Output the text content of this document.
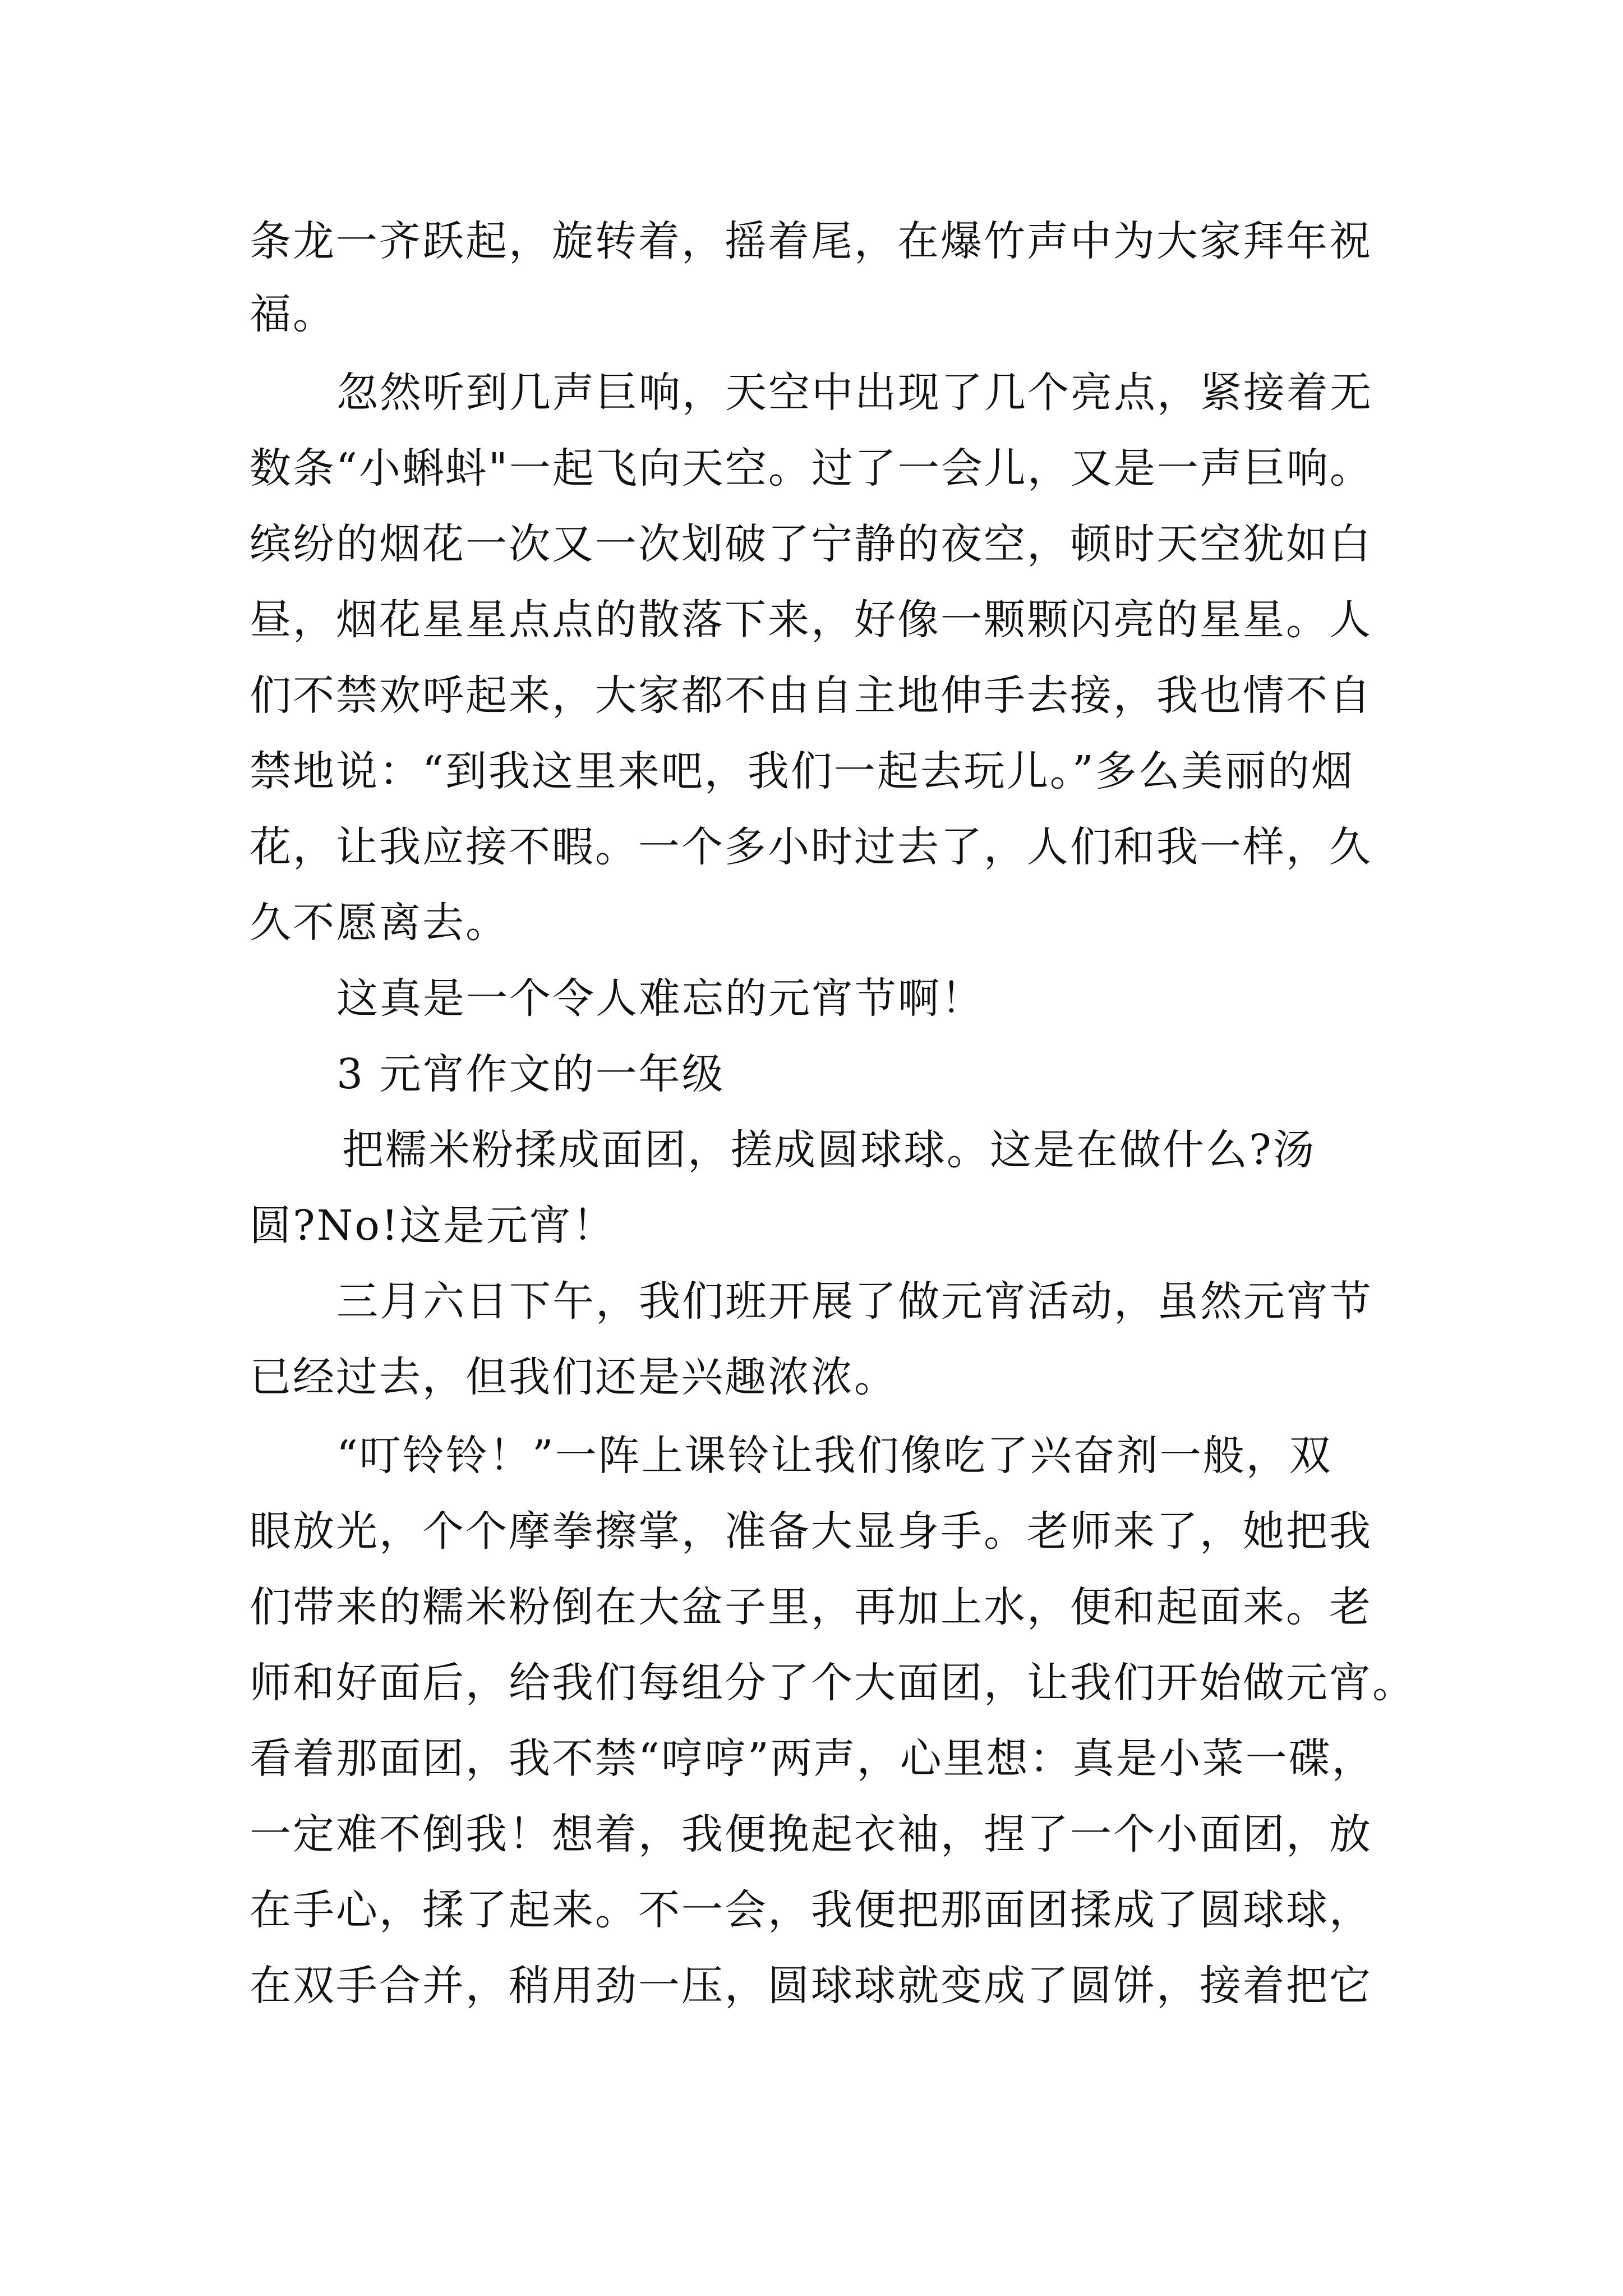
条龙一齐跃起，旋转着，摇着尾，在爆竹声中为大家拜年祝
福。
忽然听到几声巨响，天空中出现了几个亮点，紧接着无
数条“小蝌蚪"一起飞向天空。过了一会儿，又是一声巨响。
缤纷的烟花一次又一次划破了宁静的夜空，顿时天空犹如白
昼，烟花星星点点的散落下来，好像一颗颗闪亮的星星。人
们不禁欢呼起来，大家都不由自主地伸手去接，我也情不自
禁地说：“到我这里来吧，我们一起去玩儿。”多么美丽的烟
花，让我应接不暇。一个多小时过去了，人们和我一样，久
久不愿离去。
这真是一个令人难忘的元宵节啊！
3 元宵作文的一年级
把糯米粉揉成面团，搓成圆球球。这是在做什么?汤
圆?No!这是元宵！
三月六日下午，我们班开展了做元宵活动，虽然元宵节
已经过去，但我们还是兴趣浓浓。
“叮铃铃！”一阵上课铃让我们像吃了兴奋剂一般，双
眼放光，个个摩拳擦掌，准备大显身手。老师来了，她把我
们带来的糯米粉倒在大盆子里，再加上水，便和起面来。老
师和好面后，给我们每组分了个大面团，让我们开始做元宵。
看着那面团，我不禁“哼哼”两声，心里想：真是小菜一碟，
一定难不倒我！想着，我便挽起衣袖，捏了一个小面团，放
在手心，揉了起来。不一会，我便把那面团揉成了圆球球，
在双手合并，稍用劲一压，圆球球就变成了圆饼，接着把它
